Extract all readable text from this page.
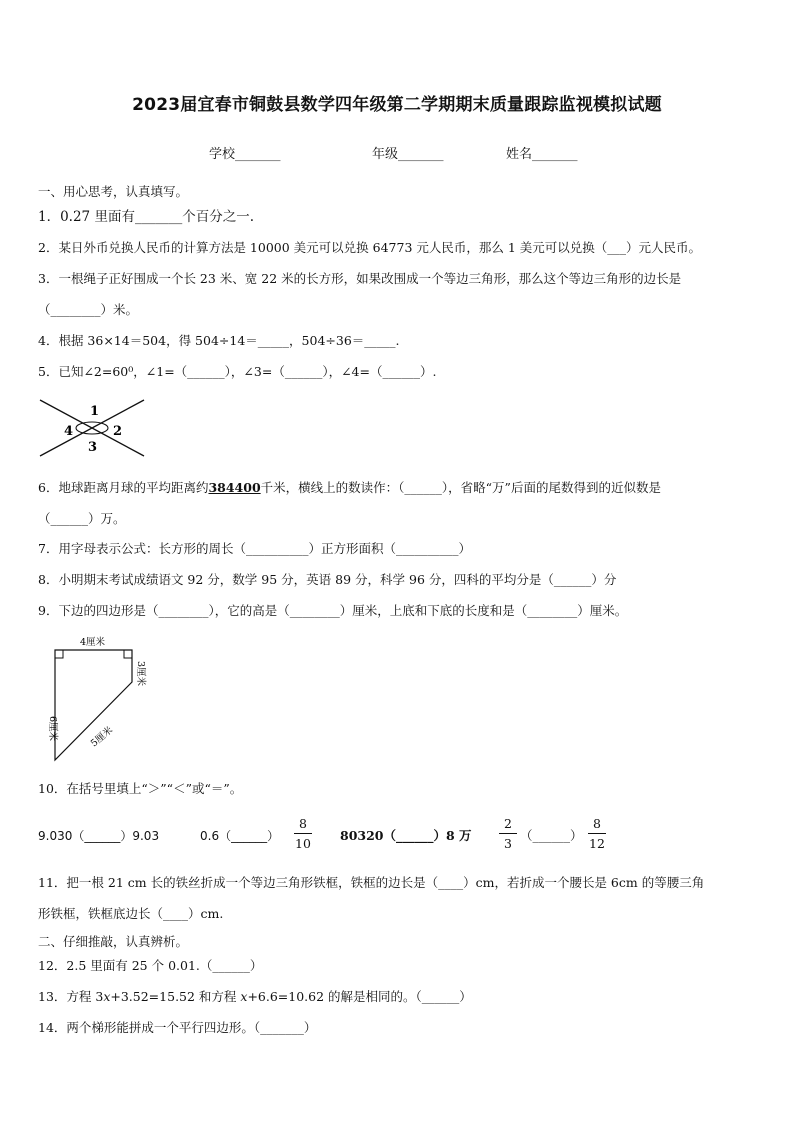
2023届宜春市铜鼓县数学四年级第二学期期末质量跟踪监视模拟试题
学校_______	年级_______	姓名_______
一、用心思考，认真填写。
1．0.27 里面有_______个百分之一.
2．某日外币兑换人民币的计算方法是 10000 美元可以兑换 64773 元人民币，那么 1 美元可以兑换（___）元人民币。
3．一根绳子正好围成一个长 23 米、宽 22 米的长方形，如果改围成一个等边三角形，那么这个等边三角形的边长是
（________）米。
4．根据 36×14＝504，得 504÷14＝_____，504÷36＝_____.
5．已知∠2=60⁰，∠1=（______），∠3=（______），∠4=（______）.
1
2
3
4
6．地球距离月球的平均距离约384400千米，横线上的数读作：（______），省略“万”后面的尾数得到的近似数是
（______）万。
7．用字母表示公式：长方形的周长（__________）正方形面积（__________）
8．小明期末考试成绩语文 92 分，数学 95 分，英语 89 分，科学 96 分，四科的平均分是（______）分
9．下边的四边形是（________），它的高是（________）厘米，上底和下底的长度和是（________）厘米。
4厘米
6厘米
3厘米
5厘米
10．在括号里填上“＞”“＜”或“＝”。
9.030（______）9.03	0.6（______）
8
10
80320（______）8 万
2
3
（______）
8
12
11．把一根 21 cm 长的铁丝折成一个等边三角形铁框，铁框的边长是（____）cm，若折成一个腰长是 6cm 的等腰三角
形铁框，铁框底边长（____）cm.
二、仔细推敲，认真辨析。
12．2.5 里面有 25 个 0.01.（______）
13．方程 3𝑥+3.52=15.52 和方程 𝑥+6.6=10.62 的解是相同的。（______）
14．两个梯形能拼成一个平行四边形。（_______）
